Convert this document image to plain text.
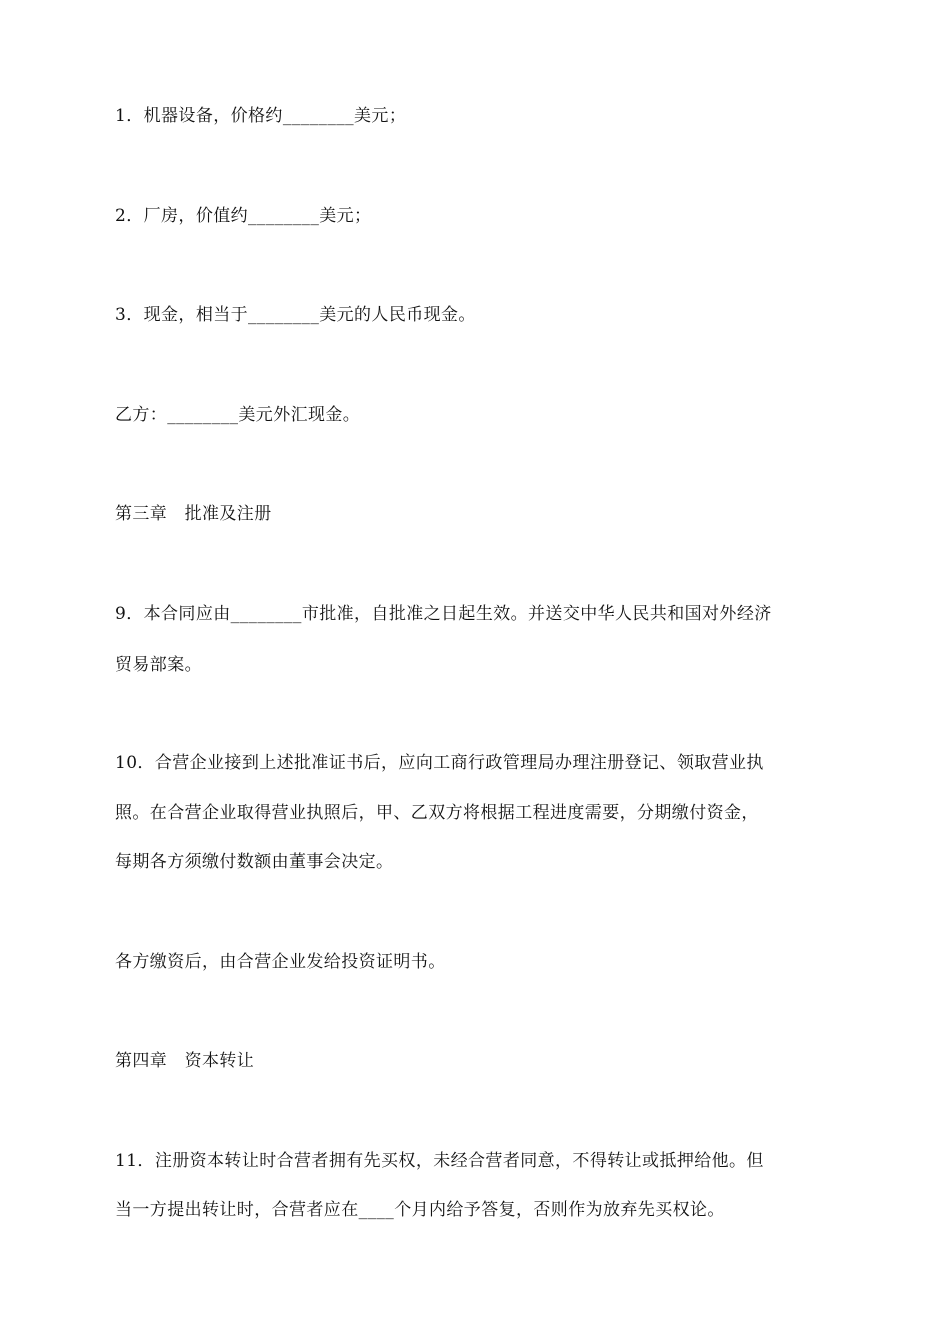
1．机器设备，价格约________美元；
2．厂房，价值约________美元；
3．现金，相当于________美元的人民币现金。
乙方：________美元外汇现金。
第三章　批准及注册
9．本合同应由________市批准，自批准之日起生效。并送交中华人民共和国对外经济
贸易部案。
10．合营企业接到上述批准证书后，应向工商行政管理局办理注册登记、领取营业执
照。在合营企业取得营业执照后，甲、乙双方将根据工程进度需要，分期缴付资金，
每期各方须缴付数额由董事会决定。
各方缴资后，由合营企业发给投资证明书。
第四章　资本转让
11．注册资本转让时合营者拥有先买权，未经合营者同意，不得转让或抵押给他。但
当一方提出转让时，合营者应在____个月内给予答复，否则作为放弃先买权论。
